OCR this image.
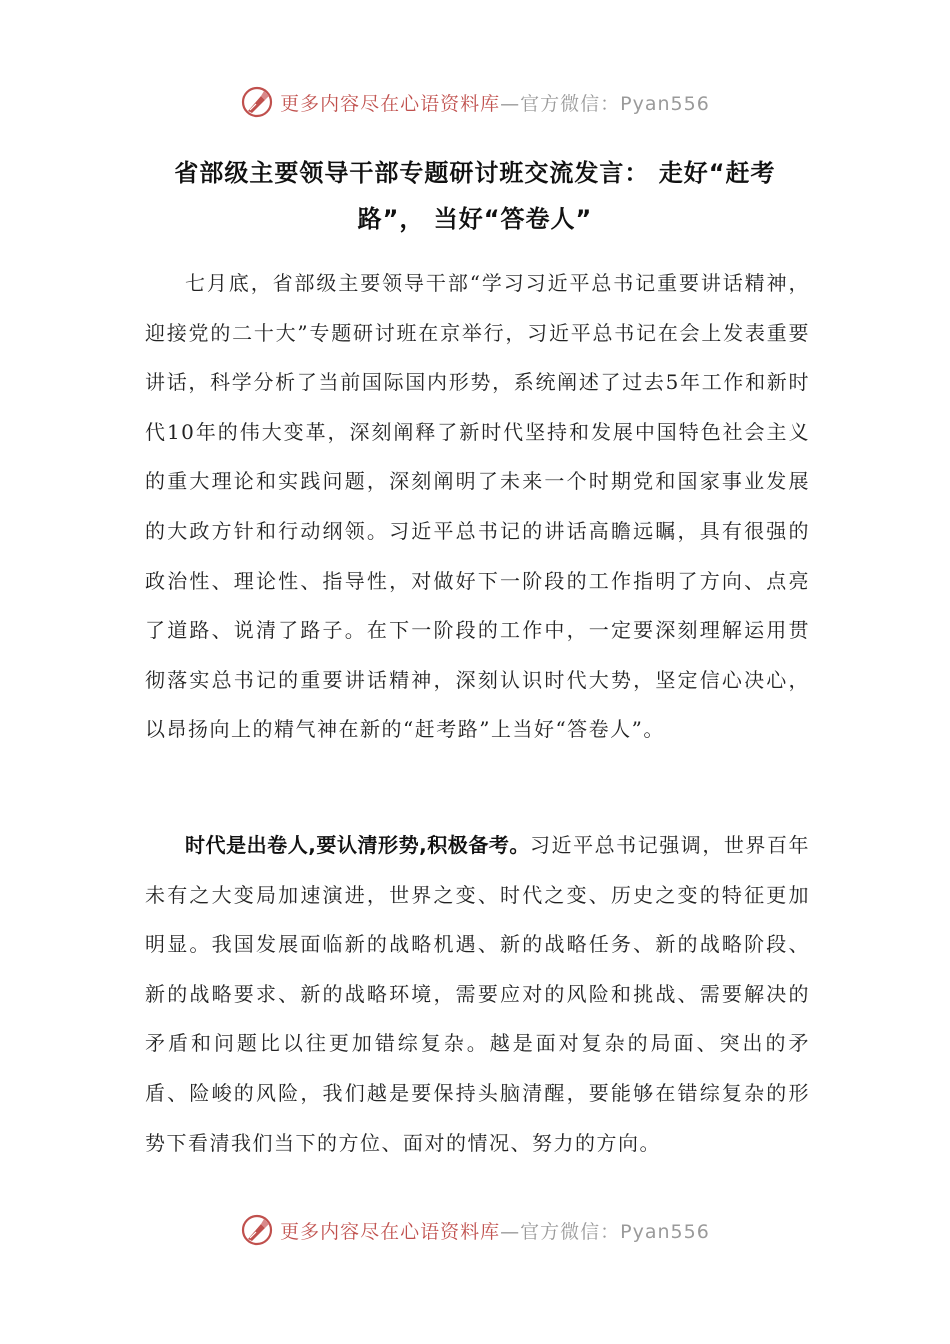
更多内容尽在心语资料库 —官方微信：Pyan556
省部级主要领导干部专题研讨班交流发言： 走好“赶考路”， 当好“答卷人”

七月底，省部级主要领导干部“学习习近平总书记重要讲话精神，迎接党的二十大”专题研讨班在京举行，习近平总书记在会上发表重要讲话，科学分析了当前国际国内形势，系统阐述了过去5年工作和新时代10年的伟大变革，深刻阐释了新时代坚持和发展中国特色社会主义的重大理论和实践问题，深刻阐明了未来一个时期党和国家事业发展的大政方针和行动纲领。习近平总书记的讲话高瞻远瞩，具有很强的政治性、理论性、指导性，对做好下一阶段的工作指明了方向、点亮了道路、说清了路子。在下一阶段的工作中，一定要深刻理解运用贯彻落实总书记的重要讲话精神，深刻认识时代大势，坚定信心决心，以昂扬向上的精气神在新的“赶考路”上当好“答卷人”。

时代是出卷人,要认清形势,积极备考。习近平总书记强调，世界百年未有之大变局加速演进，世界之变、时代之变、历史之变的特征更加明显。我国发展面临新的战略机遇、新的战略任务、新的战略阶段、新的战略要求、新的战略环境，需要应对的风险和挑战、需要解决的矛盾和问题比以往更加错综复杂。越是面对复杂的局面、突出的矛盾、险峻的风险，我们越是要保持头脑清醒，要能够在错综复杂的形势下看清我们当下的方位、面对的情况、努力的方向。

更多内容尽在心语资料库 —官方微信：Pyan556
